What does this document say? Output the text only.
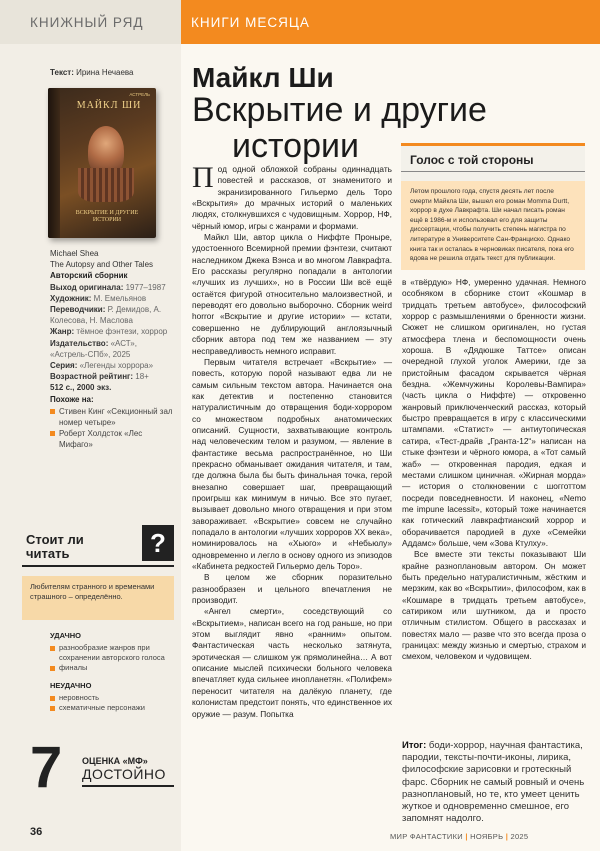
КНИЖНЫЙ РЯД	КНИГИ МЕСЯЦА
Текст: Ирина Нечаева
АСТРЕЛЬ
МАЙКЛ ШИ
ВСКРЫТИЕ И ДРУГИЕ ИСТОРИИ
Michael Shea
The Autopsy and Other Tales
Авторский сборник
Выход оригинала: 1977–1987
Художник: М. Емельянов
Переводчики: Р. Демидов, А. Колесова, Н. Маслова
Жанр: тёмное фэнтези, хоррор
Издательство: «АСТ», «Астрель-СПб», 2025
Серия: «Легенды хоррора»
Возрастной рейтинг: 18+
512 с., 2000 экз.
Похоже на:
Стивен Кинг «Секционный зал номер четыре»
Роберт Холдсток «Лес Мифаго»
Стоит ли
читать	?
Любителям странного и временами страшного – определённо.
УДАЧНО
разнообразие жанров при сохранении авторского голоса
финалы
НЕУДАЧНО
неровность
схематичные персонажи
7 ОЦЕНКА «МФ»
ДОСТОЙНО
36	МИР ФАНТАСТИКИ | НОЯБРЬ | 2025
Майкл Ши
Вскрытие и другие
истории	Голос с той стороны
Летом прошлого года, спустя десять лет после смерти Майкла Ши, вышел его роман Momma Durtt, хоррор в духе Лавкрафта. Ши начал писать роман ещё в 1986-м и использовал его для защиты диссертации, чтобы получить степень магистра по литературе в Университете Сан-Франциско. Однако книга так и осталась в черновиках писателя, пока его вдова не решила отдать текст для публикации.

Под одной обложкой собраны одиннадцать повестей и рассказов, от знаменитого и экранизированного Гильермо дель Торо «Вскрытия» до мрачных историй о маленьких людях, столкнувшихся с чудовищным. Хоррор, НФ, чёрный юмор, игры с жанрами и формами.

Майкл Ши, автор цикла о Ниффте Проныре, удостоенного Всемирной премии фэнтези, считают наследником Джека Вэнса и во многом Лавкрафта. Его рассказы регулярно попадали в антологии «лучших из лучших», но в России Ши всё ещё остаётся фигурой относительно малоизвестной, и переводят его довольно выборочно. Сборник weird horror «Вскрытие и другие истории» — кстати, совершенно не дублирующий англоязычный сборник автора под тем же названием — эту несправедливость немного исправит.

Первым читателя встречает «Вскрытие» — повесть, которую порой называют едва ли не самым сильным текстом автора. Начинается она как детектив и постепенно становится натуралистичным до отвращения боди-хоррором со множеством подробных анатомических описаний. Сущности, захватывающие контроль над человеческим телом и разумом, — явление в фантастике весьма распространённое, но Ши прекрасно обманывает ожидания читателя, и там, где должна была бы быть финальная точка, герой внезапно совершает шаг, превращающий проигрыш как минимум в ничью. Все это пугает, вызывает довольно много отвращения и при этом завораживает. «Вскрытие» совсем не случайно попадало в антологии «лучших хорроров ХХ века», номинировалось на «Хьюго» и «Небьюлу» одновременно и легло в основу одного из эпизодов «Кабинета редкостей Гильермо дель Торо».

В целом же сборник поразительно разнообразен и цельного впечатления не производит.

«Ангел смерти», соседствующий со «Вскрытием», написан всего на год раньше, но при этом выглядит явно «ранним» опытом. Фантастическая часть несколько затянута, эротическая — слишком уж прямолинейна… А вот описание мыслей психически больного человека впечатляет куда сильнее инопланетян. «Полифем» переносит читателя на далёкую планету, где колонистам предстоит понять, что единственное их оружие — разум. Попытка

в «твёрдую» НФ, умеренно удачная. Немного особняком в сборнике стоит «Кошмар в тридцать третьем автобусе», философский хоррор с размышлениями о бренности жизни. Сюжет не слишком оригинален, но густая атмосфера тлена и беспомощности очень хороша. В «Дядюшке Таттсе» описан очередной глухой уголок Америки, где за пристойным фасадом скрывается чёрная бездна. «Жемчужины Королевы-Вампира» (часть цикла о Ниффте) — откровенно жанровый приключенческий рассказ, который быстро превращается в игру с классическими штампами. «Статист» — антиутопическая сатира, «Тест-драйв „Гранта-12“» написан на стыке фэнтези и чёрного юмора, а «Тот самый жаб» — откровенная пародия, едкая и местами слишком циничная. «Жирная морда» — история о столкновении с шогготтом посреди повседневности. И наконец, «Nemo me impune lacessit», который тоже начинается как готический лавкрафтианский хоррор и оборачивается пародией в духе «Семейки Аддамс» больше, чем «Зова Ктулху».

Все вместе эти тексты показывают Ши крайне разноплановым автором. Он может быть предельно натуралистичным, жёстким и мерзким, как во «Вскрытии», философом, как в «Кошмаре в тридцать третьем автобусе», сатириком или шутником, да и просто отличным стилистом. Общего в рассказах и повестях мало — разве что это всегда проза о границах: между жизнью и смертью, страхом и смехом, человеком и чудовищем.

Итог: боди-хоррор, научная фантастика, пародии, тексты-почти-иконы, лирика, философские зарисовки и гротескный фарс. Сборник не самый ровный и очень разноплановый, но те, кто умеет ценить жуткое и одновременно смешное, его запомнят надолго.
